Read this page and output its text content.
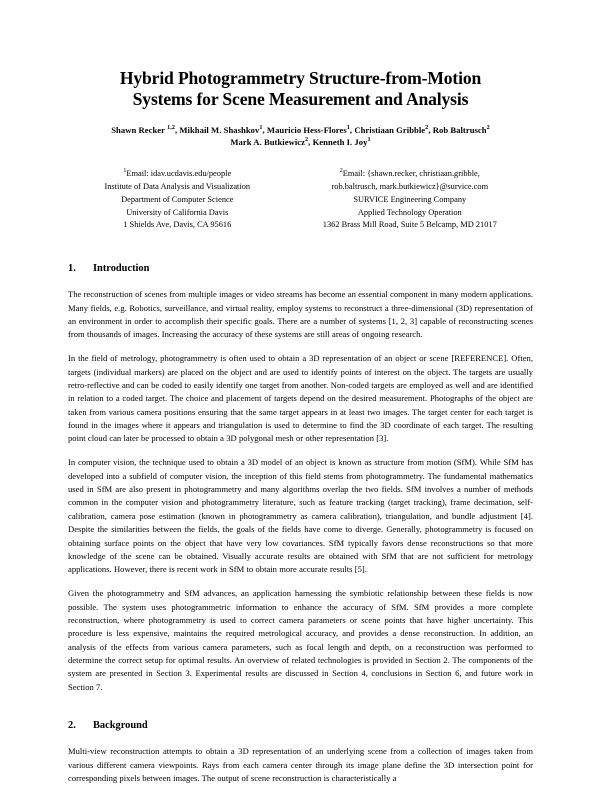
Hybrid Photogrammetry Structure-from-Motion
Systems for Scene Measurement and Analysis
Shawn Recker $^{1,2}$, Mikhail M. Shashkov$^1$, Mauricio Hess-Flores$^1$, Christiaan Gribble$^2$, Rob Baltrusch$^2$
Mark A. Butkiewicz$^2$, Kenneth I. Joy$^1$
$^1$Email: idav.ucdavis.edu/people
Institute of Data Analysis and Visualization
Department of Computer Science
University of California Davis
1 Shields Ave, Davis, CA 95616
$^2$Email: {shawn.recker, christiaan.gribble,
rob.baltrusch, mark.butkiewicz}@survice.com
SURVICE Engineering Company
Applied Technology Operation
1362 Brass Mill Road, Suite 5 Belcamp, MD 21017
1.	Introduction

The reconstruction of scenes from multiple images or video streams has become an essential component in many modern applications. Many fields, e.g. Robotics, surveillance, and virtual reality, employ systems to reconstruct a three-dimensional (3D) representation of an environment in order to accomplish their specific goals. There are a number of systems [1, 2, 3] capable of reconstructing scenes from thousands of images. Increasing the accuracy of these systems are still areas of ongoing research.

In the field of metrology, photogrammetry is often used to obtain a 3D representation of an object or scene [REFERENCE]. Often, targets (individual markers) are placed on the object and are used to identify points of interest on the object. The targets are usually retro-reflective and can be coded to easily identify one target from another. Non-coded targets are employed as well and are identified in relation to a coded target. The choice and placement of targets depend on the desired measurement. Photographs of the object are taken from various camera positions ensuring that the same target appears in at least two images. The target center for each target is found in the images where it appears and triangulation is used to determine to find the 3D coordinate of each target. The resulting point cloud can later be processed to obtain a 3D polygonal mesh or other representation [3].

In computer vision, the technique used to obtain a 3D model of an object is known as structure from motion (SfM). While SfM has developed into a subfield of computer vision, the inception of this field stems from photogrammetry. The fundamental mathematics used in SfM are also present in photogrammetry and many algorithms overlap the two fields. SfM involves a number of methods common in the computer vision and photogrammetry literature, such as feature tracking (target tracking), frame decimation, self-calibration, camera pose estimation (known in photogrammetry as camera calibration), triangulation, and bundle adjustment [4]. Despite the similarities between the fields, the goals of the fields have come to diverge. Generally, photogrammetry is focused on obtaining surface points on the object that have very low covariances. SfM typically favors dense reconstructions so that more knowledge of the scene can be obtained. Visually accurate results are obtained with SfM that are not sufficient for metrology applications. However, there is recent work in SfM to obtain more accurate results [5].

Given the photogrammetry and SfM advances, an application harnessing the symbiotic relationship between these fields is now possible. The system uses photogrammetric information to enhance the accuracy of SfM. SfM provides a more complete reconstruction, where photogrammetry is used to correct camera parameters or scene points that have higher uncertainty. This procedure is less expensive, maintains the required metrological accuracy, and provides a dense reconstruction. In addition, an analysis of the effects from various camera parameters, such as focal length and depth, on a reconstruction was performed to determine the correct setup for optimal results. An overview of related technologies is provided in Section 2. The components of the system are presented in Section 3. Experimental results are discussed in Section 4, conclusions in Section 6, and future work in Section 7.

2.	Background

Multi-view reconstruction attempts to obtain a 3D representation of an underlying scene from a collection of images taken from various different camera viewpoints. Rays from each camera center through its image plane define the 3D intersection point for corresponding pixels between images. The output of scene reconstruction is characteristically a
